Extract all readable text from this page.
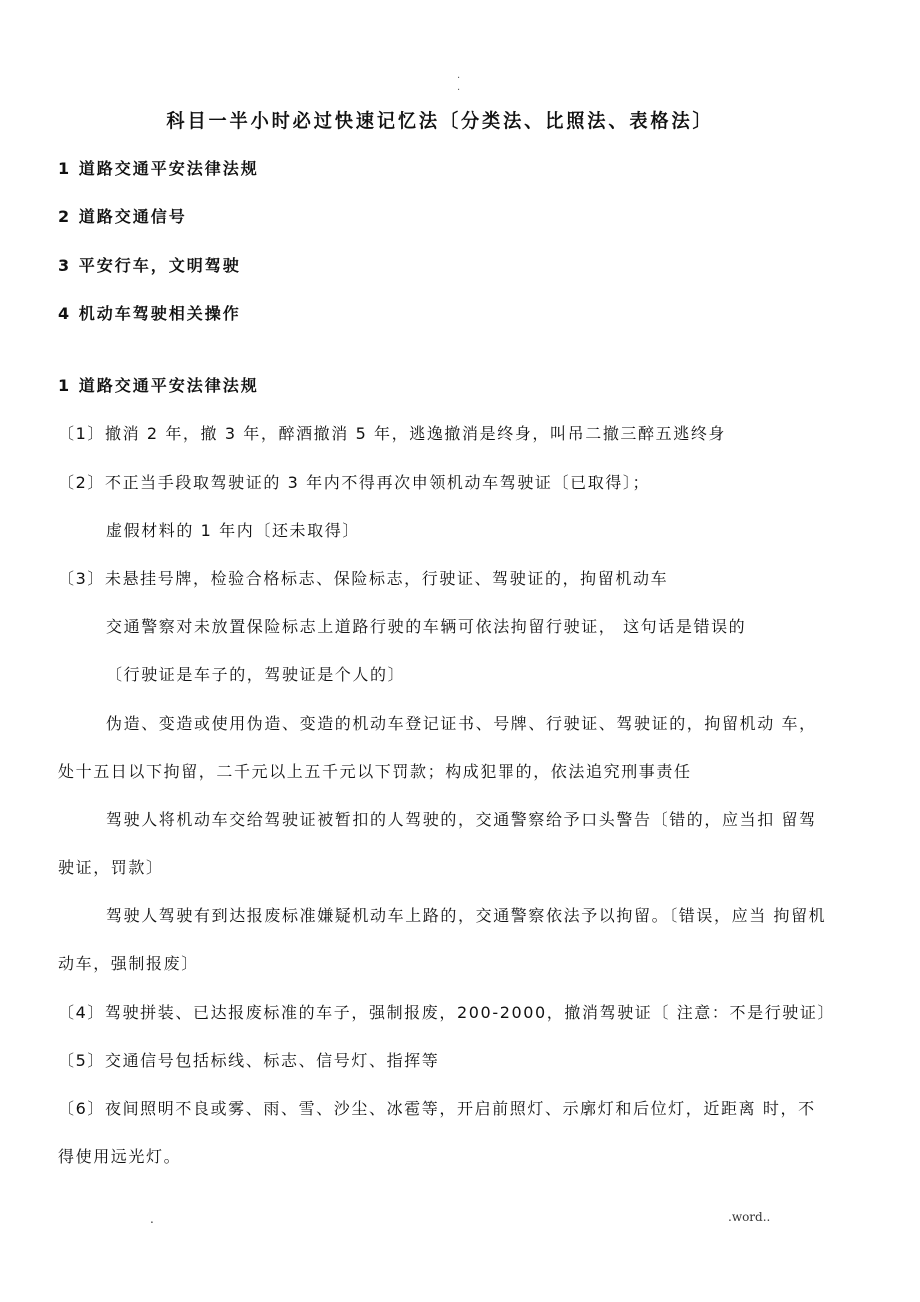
.
.
科目一半小时必过快速记忆法〔分类法、比照法、表格法〕
1 道路交通平安法律法规
2 道路交通信号
3 平安行车，文明驾驶
4 机动车驾驶相关操作
1 道路交通平安法律法规
〔1〕撤消 2 年，撤 3 年，醉酒撤消 5 年，逃逸撤消是终身，叫吊二撤三醉五逃终身
〔2〕不正当手段取驾驶证的 3 年内不得再次申领机动车驾驶证〔已取得〕；
虚假材料的 1 年内〔还未取得〕
〔3〕未悬挂号牌，检验合格标志、保险标志，行驶证、驾驶证的，拘留机动车
交通警察对未放置保险标志上道路行驶的车辆可依法拘留行驶证， 这句话是错误的
〔行驶证是车子的，驾驶证是个人的〕
伪造、变造或使用伪造、变造的机动车登记证书、号牌、行驶证、驾驶证的，拘留机动 车，
处十五日以下拘留，二千元以上五千元以下罚款；构成犯罪的，依法追究刑事责任
驾驶人将机动车交给驾驶证被暂扣的人驾驶的，交通警察给予口头警告〔错的，应当扣 留驾
驶证，罚款〕
驾驶人驾驶有到达报废标准嫌疑机动车上路的，交通警察依法予以拘留。〔错误，应当 拘留机
动车，强制报废〕
〔4〕驾驶拼装、已达报废标准的车子，强制报废，200-2000，撤消驾驶证〔 注意：不是行驶证〕
〔5〕交通信号包括标线、标志、信号灯、指挥等
〔6〕夜间照明不良或雾、雨、雪、沙尘、冰雹等，开启前照灯、示廓灯和后位灯，近距离 时，不
得使用远光灯。
.	.word..
